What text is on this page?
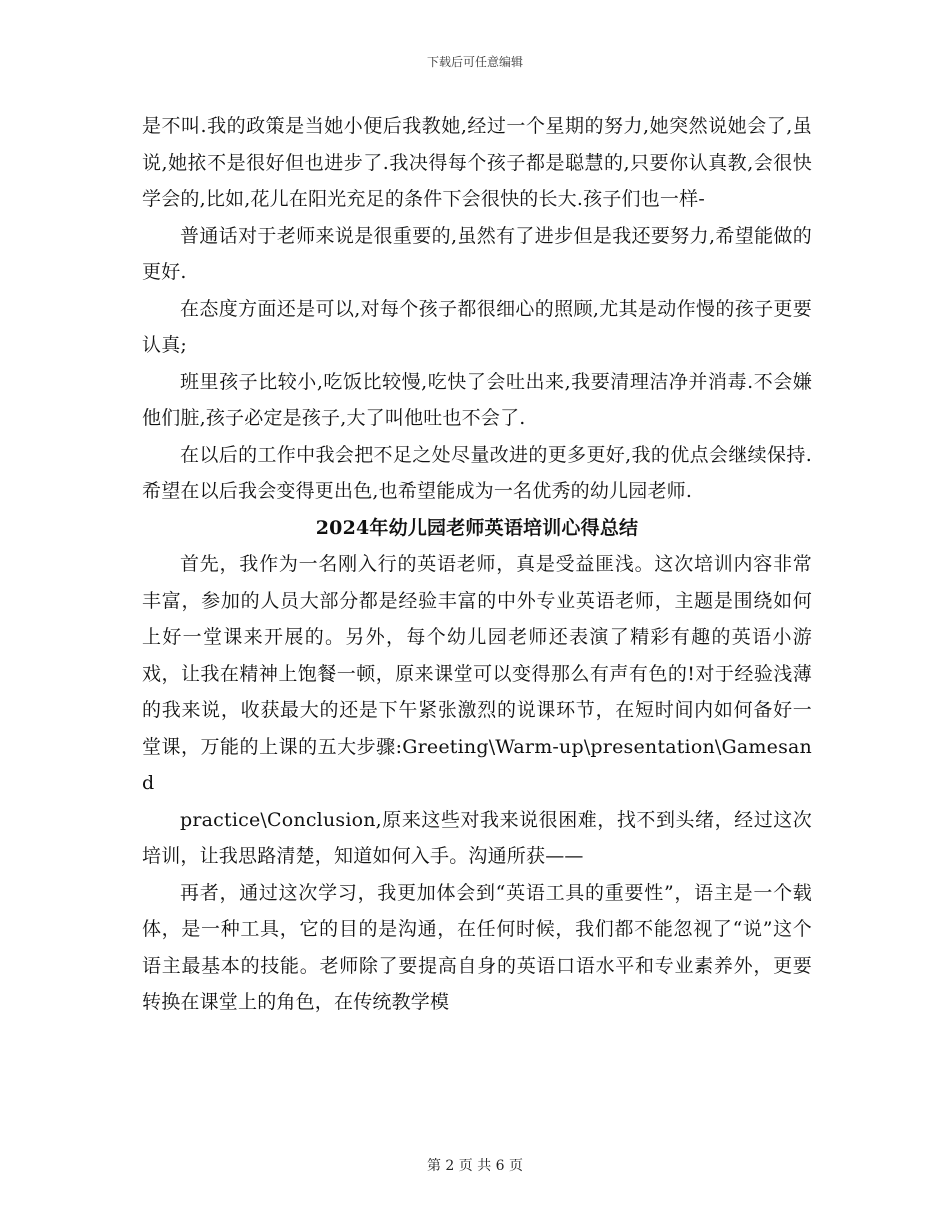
下载后可任意编辑

是不叫.我的政策是当她小便后我教她,经过一个星期的努力,她突然说她会了,虽说,她挔不是很好但也进步了.我决得每个孩子都是聪慧的,只要你认真教,会很快学会的,比如,花儿在阳光充足的条件下会很快的长大.孩子们也一样-

普通话对于老师来说是很重要的,虽然有了进步但是我还要努力,希望能做的更好.

在态度方面还是可以,对每个孩子都很细心的照顾,尤其是动作慢的孩子更要认真;

班里孩子比较小,吃饭比较慢,吃快了会吐出来,我要清理洁净并消毒.不会嫌他们脏,孩子必定是孩子,大了叫他吐也不会了.

在以后的工作中我会把不足之处尽量改进的更多更好,我的优点会继续保持.希望在以后我会变得更出色,也希望能成为一名优秀的幼儿园老师.

2024年幼儿园老师英语培训心得总结

首先，我作为一名刚入行的英语老师，真是受益匪浅。这次培训内容非常丰富，参加的人员大部分都是经验丰富的中外专业英语老师，主题是围绕如何上好一堂课来开展的。另外，每个幼儿园老师还表演了精彩有趣的英语小游戏，让我在精神上饱餐一顿，原来课堂可以变得那么有声有色的!对于经验浅薄的我来说，收获最大的还是下午紧张激烈的说课环节，在短时间内如何备好一堂课，万能的上课的五大步骤:Greeting\Warm-up\presentation\Gamesand

practice\Conclusion,原来这些对我来说很困难，找不到头绪，经过这次培训，让我思路清楚，知道如何入手。沟通所获——

再者，通过这次学习，我更加体会到“英语工具的重要性”，语主是一个载体，是一种工具，它的目的是沟通，在任何时候，我们都不能忽视了“说”这个语主最基本的技能。老师除了要提高自身的英语口语水平和专业素养外，更要转换在课堂上的角色，在传统教学模

第 2 页 共 6 页
